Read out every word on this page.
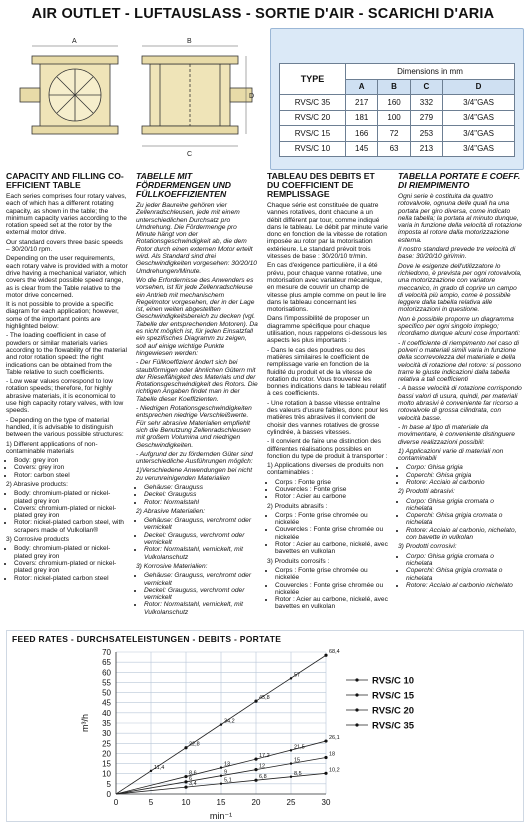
AIR OUTLET - LUFTAUSLASS - SORTIE D'AIR - SCARICHI D'ARIA
A	B
C
D
TYPE	Dimensions in mm			
	A	B	C	D
RVS/C 35	217	160	332	3/4"GAS
RVS/C 20	181	100	279	3/4"GAS
RVS/C 15	166	72	253	3/4"GAS
RVS/C 10	145	63	213	3/4"GAS
CAPACITY AND FILLING CO-EFFICIENT TABLE

Each series comprises four rotary valves, each of which has a different rotating capacity, as shown in the table; the minimum capacity varies according to the rotation speed set at the rotor by the external motor drive.

Our standard covers three basic speeds – 30/20/10 rpm.

Depending on the user requirements, each rotary valve is provided with a motor drive having a mechanical variator, which covers the widest possible speed range, as is clear from the Table relative to the motor drive concerned.

It is not possible to provide a specific diagram for each application; however, some of the important points are highlighted below:

- The loading coefficient in case of powders or similar materials varies according to the flowability of the material and rotor rotation speed: the right indications can be obtained from the Table relative to such coefficients.

- Low wear values correspond to low rotation speeds; therefore, for highly abrasive materials, it is economical to use high capacity rotary valves, with low speeds.

- Depending on the type of material handled, it is advisable to distinguish between the various possible structures:

1) Different applications of non-contaminable materials

• Body: grey iron
• Covers: grey iron
• Rotor: carbon steel

2) Abrasive products:

• Body: chromium-plated or nickel-plated grey iron
• Covers: chromium-plated or nickel-plated grey iron
• Rotor: nickel-plated carbon steel, with scrapers made of Vulkollan®

3) Corrosive products

• Body: chromium-plated or nickel-plated grey iron
• Covers: chromium-plated or nickel-plated grey iron
• Rotor: nickel-plated carbon steel
TABELLE MIT FÖRDERMENGEN UND FÜLLKOEFFIZIENTEN

Zu jeder Baureihe gehören vier Zellenradschleusen, jede mit einem unterschiedlichen Durchsatz pro Umdrehung. Die Fördermenge pro Minute hängt von der Rotationsgeschwindigkeit ab, die dem Rotor durch einen externen Motor erteilt wird. Als Standard sind drei Geschwindigkeiten vorgesehen: 30/20/10 Umdrehungen/Minute.

Wo die Erfordernisse des Anwenders es vorsehen, ist für jede Zellenradschleuse ein Antrieb mit mechanischem Regelmotor vorgesehen, der in der Lage ist, einen weiten abgestellten Geschwindigkeitsbereich zu decken (vgl. Tabelle der entsprechenden Motoren). Da es nicht möglich ist, für jeden Einsatzfall ein spezifisches Diagramm zu zeigen, soll auf einige wichtige Punkte hingewiesen werden:

- Der Füllkoeffizient ändert sich bei staubförmigen oder ähnlichen Gütern mit der Rieselfähigkeit des Materials und der Rotationsgeschwindigkeit des Rotors. Die richtigen Angaben findet man in der Tabelle dieser Koeffizienten.

- Niedrigen Rotationsgeschwindigkeiten entsprechen niedrige Verschleißwerte. Für sehr abrasive Materialien empfiehlt sich die Benutzung Zellenradschleusen mit großem Volumina und niedrigen Geschwindigkeiten.

- Aufgrund der zu fördernden Güter sind unterschiedliche Ausführungen möglich:

1)Verschiedene Anwendungen bei nicht zu verunreinigenden Materialien

• Gehäuse: Grauguss
• Deckel: Grauguss
• Rotor: Normalstahl

2) Abrasive Materialien:

• Gehäuse: Grauguss, verchromt oder vernickelt
• Deckel: Grauguss, verchromt oder vernickelt
• Rotor: Normalstahl, vernickelt, mit Vulkolanschutz

3) Korrosive Materialien:

• Gehäuse: Grauguss, verchromt oder vernickelt
• Deckel: Grauguss, verchromt oder vernickelt
• Rotor: Normalstahl, vernickelt, mit Vulkolanschutz
TABLEAU DES DEBITS ET DU COEFFICIENT DE REMPLISSAGE

Chaque série est constituée de quatre vannes rotatives, dont chacune a un débit différent par tour, comme indiqué dans le tableau. Le débit par minute varie donc en fonction de la vitesse de rotation imposée au rotor par la motorisation extérieure. Le standard prévoit trois vitesses de base : 30/20/10 tr/min.

En cas d'exigence particulière, il a été prévu, pour chaque vanne rotative, une motorisation avec variateur mécanique, en mesure de couvrir un champ de vitesse plus ample comme on peut le lire dans le tableau concernant les motorisations.

Dans l'impossibilité de proposer un diagramme spécifique pour chaque utilisation, nous rappelons ci-dessous les aspects les plus importants :

- Dans le cas des poudres ou des matières similaires le coefficient de remplissage varie en fonction de la fluidité du produit et de la vitesse de rotation du rotor. Vous trouverez les bonnes indications dans le tableau relatif à ces coefficients.

- Une rotation à basse vitesse entraîne des valeurs d'usure faibles, donc pour les matières très abrasives il convient de choisir des vannes rotatives de grosse cylindrée, à basses vitesses.

- Il convient de faire une distinction des différentes réalisations possibles en fonction du type de produit à transporter :

1) Applications diverses de produits non contaminables :

• Corps : Fonte grise
• Couvercles : Fonte grise
• Rotor : Acier au carbone

2) Produits abrasifs :

• Corps : Fonte grise chromée ou nickelée
• Couvercles : Fonte grise chromée ou nickelée
• Rotor : Acier au carbone, nickelé, avec bavettes en vulkolan

3) Produits corrosifs :

• Corps : Fonte grise chromée ou nickelée
• Couvercles : Fonte grise chromée ou nickelée
• Rotor : Acier au carbone, nickelé, avec bavettes en vulkolan
TABELLA PORTATE E COEFF. DI RIEMPIMENTO

Ogni serie è costituita da quattro rotovalvole, ognuna delle quali ha una portata per giro diversa, come indicato nella tabella; la portata al minuto dunque, varia in funzione della velocità di rotazione imposta al rotore dalla motorizzazione esterna.

Il nostro standard prevede tre velocità di base: 30/20/10 giri/min.

Dove le esigenze dell'utilizzatore lo richiedono, è prevista per ogni rotovalvola, una motorizzazione con variatore meccanico, in grado di coprire un campo di velocità più ampio, come è possibile leggere dalla tabella relativa alle motorizzazioni in questione.

Non è possibile proporre un diagramma specifico per ogni singolo impiego; ricordiamo dunque alcuni cose importanti:

- Il coefficiente di riempimento nel caso di polveri o materiali simili varia in funzione della scorrevolezza del materiale e della velocità di rotazione del rotore: si possono trarre le giuste indicazioni dalla tabella relativa a tali coefficienti

- A basse velocità di rotazione corrispondo bassi valori di usura, quindi, per materiali molto abrasivi è conveniente far ricorso a rotovalvole di grossa cilindrata, con velocità basse.

- In base al tipo di materiale da movimentare, è conveniente distinguere diverse realizzazioni possibili:

1) Applicazioni varie di materiali non contaminabili

• Corpo: Ghisa grigia
• Coperchi: Ghisa grigia
• Rotore: Acciaio al carbonio

2) Prodotti abrasivi:

• Corpo: Ghisa grigia cromata o nichelata
• Coperchi: Ghisa grigia cromata o nichelata
• Rotore: Acciaio al carbonio, nichelato, con bavette in vulkolan

3) Prodotti corrosivi:

• Corpo: Ghisa grigia cromata o nichelata
• Coperchi: Ghisa grigia cromata o nichelata
• Rotore: Acciaio al carbonio nichelato
0	5	10	15	20	25	30
0
5
10
15
20
25
30
35
40
45
50
55
60
65
70
min⁻¹
m³/h
3,4
6,8
10,2
RVS/C 10
6
12
18
RVS/C 15
8,6
17,2
26,1
RVS/C 20
22,8
45,8
68,4
RVS/C 35
11,4
34,2
57
13
21,5
9
15
5,1
8,5
FEED RATES - DURCHSATELEISTUNGEN - DEBITS - PORTATE
